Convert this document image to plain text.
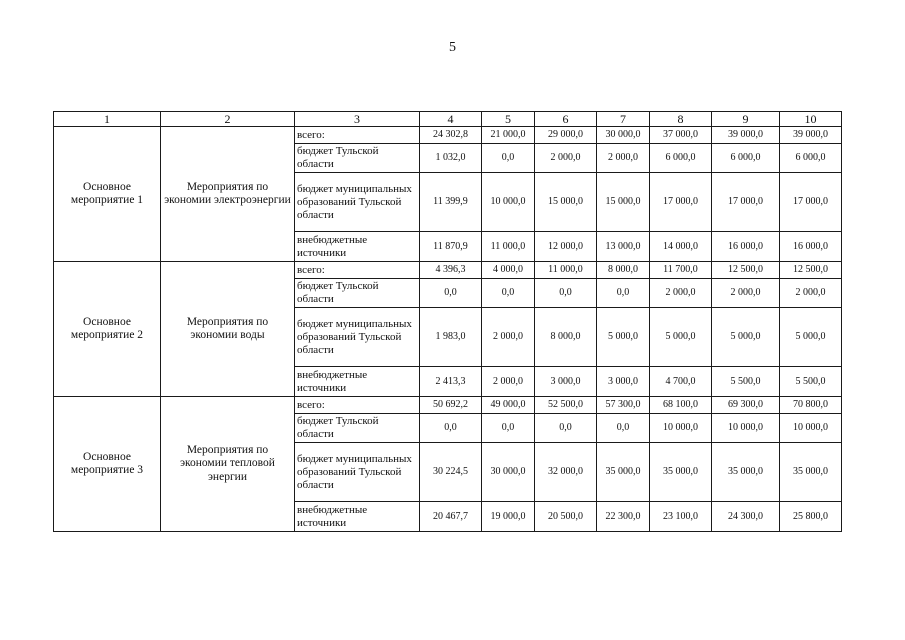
5
1	2	3	4	5	6	7	8	9	10
Основное мероприятие 1	Мероприятия по экономии электроэнергии	всего:	24 302,8	21 000,0	29 000,0	30 000,0	37 000,0	39 000,0	39 000,0
		бюджет Тульской области	1 032,0	0,0	2 000,0	2 000,0	6 000,0	6 000,0	6 000,0
		бюджет муниципальных образований Тульской области	11 399,9	10 000,0	15 000,0	15 000,0	17 000,0	17 000,0	17 000,0
		внебюджетные источники	11 870,9	11 000,0	12 000,0	13 000,0	14 000,0	16 000,0	16 000,0
Основное мероприятие 2	Мероприятия по экономии воды	всего:	4 396,3	4 000,0	11 000,0	8 000,0	11 700,0	12 500,0	12 500,0
		бюджет Тульской области	0,0	0,0	0,0	0,0	2 000,0	2 000,0	2 000,0
		бюджет муниципальных образований Тульской области	1 983,0	2 000,0	8 000,0	5 000,0	5 000,0	5 000,0	5 000,0
		внебюджетные источники	2 413,3	2 000,0	3 000,0	3 000,0	4 700,0	5 500,0	5 500,0
Основное мероприятие 3	Мероприятия по экономии тепловой энергии	всего:	50 692,2	49 000,0	52 500,0	57 300,0	68 100,0	69 300,0	70 800,0
		бюджет Тульской области	0,0	0,0	0,0	0,0	10 000,0	10 000,0	10 000,0
		бюджет муниципальных образований Тульской области	30 224,5	30 000,0	32 000,0	35 000,0	35 000,0	35 000,0	35 000,0
		внебюджетные источники	20 467,7	19 000,0	20 500,0	22 300,0	23 100,0	24 300,0	25 800,0
